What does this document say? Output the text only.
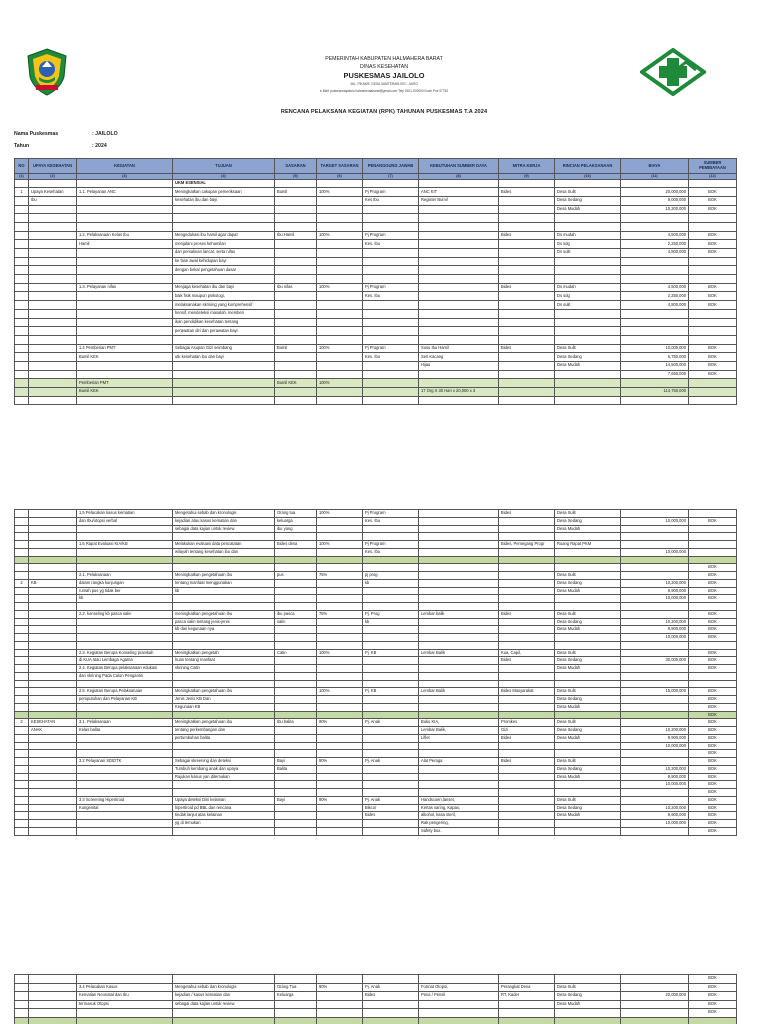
PEMERINTAH KABUPATEN HALMAHERA BARAT
DINAS KESEHATAN
PUSKESMAS JAILOLO
JNL. PIKAWE, DESA SAMTERAIB KEC. JAIRO
e-Mail: puskesmasjailolo.halmaheraabarat@gmail.com Telp 0921-000000 Kode Pos 97752
RENCANA PELAKSANA KEGIATAN (RPK) TAHUNAN PUSKESMAS T.A 2024
Nama Puskesmas	: JAILOLO
Tahun	: 2024
NO	UPAYA KESEHATAN	KEGIATAN	TUJUAN	SASARAN	TARGET SASARAN	PENANGGUNG JAWAB	KEBUTUHAN SUMBER DAYA	MITRA KERJA	RINCIAN PELAKSANAAN	BIAYA	SUMBER PEMBIAYAAN
(1)	(2)	(3)	(4)	(5)	(6)	(7)	(8)	(9)	(10)	(11)	(12)
			UKM ESENSIAL								
1	Upaya Kesehatan	1.1. Pelayanan ANC	Meningkatkan cakupan pemeriksaan	Bumil	100%	Pj Program	ANC KIT	Bides	Desa Sulit	20,000,000	BOK
	Ibu		kesehatan ibu dan bayi			Kes Ibu	Register Bumil		Desa Sedang	9,000,000	BOK
									Desa Mudah	10,200,000	BOK

		1.2. Pelaksanaan Kelas Ibu	Mengedukasi ibu hamil agar dapat	Ibu Hamil	100%	Pj Program		Bides	Ds mudah	4,500,000	BOK
		Hamil	menjalani proses kehamilan			Kes. Ibu			Ds sdg	2,250,000	BOK
			dan persalinan lancar, serta nifas						Ds sulit	4,800,000	BOK
			ke fase awal kehidupan bayi								
			dengan bekal pengetahuan dasar								

		1.3. Pelayanan nifas	Menjaga kesehatan ibu dan bayi	Ibu nifas	100%	Pj Program		Bides	Ds mudah	4,500,000	BOK
			baik fisik maupun psikologi,			Kes. Ibu			Ds sdg	2,250,000	BOK
			melaksanakan skrining yang komprehensif						Ds sulit	4,800,000	BOK
			hensif, mendeteksi masalah, memberi								
			ikan pendidikan kesehatan tentang								
			perawatan diri dan perawatan bayi								

		1.4 Pemberian PMT	Sebagai Asupan Gizi seimbang	Bumil	100%	Pj Program	Susu Ibu Hamil	Bides	Desa Sulit	10,000,000	BOK
		Bumil KEK	utk kesehatan ibu dan bayi			Kes. Ibu	Seri Kacang		Desa Sedang	6,750,000	BOK
							Hijau		Desa Mudah	14,500,000	BOK
										7,650,000	BOK
		Pemberian PMT		Bumil KEK	100%						
		Bumil KEK					17 Org X 30 Hari x 20,000 x 3			114,750,000	

		1.5 Pelacakan kasus kematian	Mengetahui sebab dan kronologis	Orang tua	100%	Pj Program		Bides	Desa Sulit		
		dan Ibu/otopsi verbal	kejadian atau kasus kematian dan	keluarga		Kes. Ibu			Desa Sedang	10,000,000	BOK
			sebagai data kajian untuk review	ibu yang					Desa Mudah		

		1.6 Rapat Evaluasi KIA/KB	Melakukan evaluasi data pencatatan	Bides desa	100%	Pj Program		Bides, Pemegang Progr	Ruang Rapat PKM		
			wilayah tentang kesehatan ibu dan			Kes. Ibu				10,000,000	

											BOK
		2.1. Pelaksanaan	Meningkatkan pengetahuan ibu	pus	75%	pj prog			Desa Sulit		BOK
2	KB	dalam rangka kunjungan	tentang manfaat menggunakan			kb			Desa Sedang	10,200,000	BOK
		rumah pus yg tidak ber	kb						Desa Mudah	9,900,000	BOK
		kb								10,000,000	BOK

		2.2. konseling kb pasca salin	meningkatkan pengetahuan ibu	ibu pasca	75%	Pj. Prog	Lembar balik	Bides	Desa Sulit		BOK
			pasca salin tentang jenis-jenis	salin		kb			Desa Sedang	10,200,000	BOK
			kb dan kegunaan nya						Desa Mudah	9,900,000	BOK
										10,000,000	BOK

		2.3. Kegiatan Berupa Konseling pranikah	Meningkatkan pengetah	Catin	100%	Pj. KB	Lembar Balik	Kua, Capil,	Desa Sulit		BOK
		di KUA atau Lembaga Agama	huan tentang manfaat					Bides	Desa Sedang	30,000,000	BOK
		2.4. Kegiatan Berupa pelaksanaan edukasi	skrining Catin						Desa Mudah		BOK
		dan skrining Pada Calon Pengantin									

		2.5. Kegiatan Berupa Pelaksanaan	Meningkatkan pengetahuan ibu		100%	Pj. KB	Lembar Balik	Bides Masyarakat	Desa Sulit	15,000,000	BOK
		pemputuhan dan Pelayanan KB	Jenis Jenis KB Dan						Desa Sedang		BOK
			Kegunaan KB						Desa Mudah		BOK
											BOK
3	KESEHATAN	3.1. Pelaksanaan	Meningkatkan pengetahuan ibu	Ibu balita	90%	Pj. Anak	Buku KIA,	Promkes	Desa Sulit		BOK
	ANAK	Kelas balita	tentang perkembangan dan				Lembar Balik,	Gizi	Desa Sedang	10,200,000	BOK
			pertumbuhan balita				Liflet	Bides	Desa Mudah	9,900,000	BOK
										10,000,000	BOK
											BOK
		3.2 Pelayanan SDIDTK	Sebagai skreening dan deteksi	Bayi	90%	Pj. Anak	Alat Peraga	Bides	Desa Sulit		BOK
			Tumbuh kembang anak dan upaya	Balita					Desa Sedang	10,200,000	BOK
			Rujukan kasus yan ditemukan						Desa Mudah	9,900,000	BOK
										10,000,000	BOK
											BOK
		3.3 Screening Hipertiroid	Upaya deteksi Dini kelainan	Bayi	90%	Pj. Anak	Handscoen,lanset,		Desa Sulit		BOK
		Kongenital	hipertiroid pd BBL dan rencana			Bikcor	Kertas saring, Kapas,		Desa Sedang	10,200,000	BOK
			tindak lanjut atas kelainan			Bides	alkohol, kasa steril,		Desa Mudah	9,900,000	BOK
			yg di temukan				Rak pengering,			10,000,000	BOK
							Safety box.				BOK
											BOK
		3.4 Pelacakan Kasus	Mengetahui sebab dan kronologis	Orang Tua	90%	Pj. Anak	Format Otopsi,	Perangkat Desa	Desa Sulit		BOK
		Kematian Neonatal dan Ibu	kejadian / kasus kematian dan	Keluarga		Bides	Pena / Pensil	RT, Kader	Desa Sedang	20,000,000	BOK
		termasuk Otopsi	sebagai data kajian untuk review						Desa Mudah		BOK
											BOK
